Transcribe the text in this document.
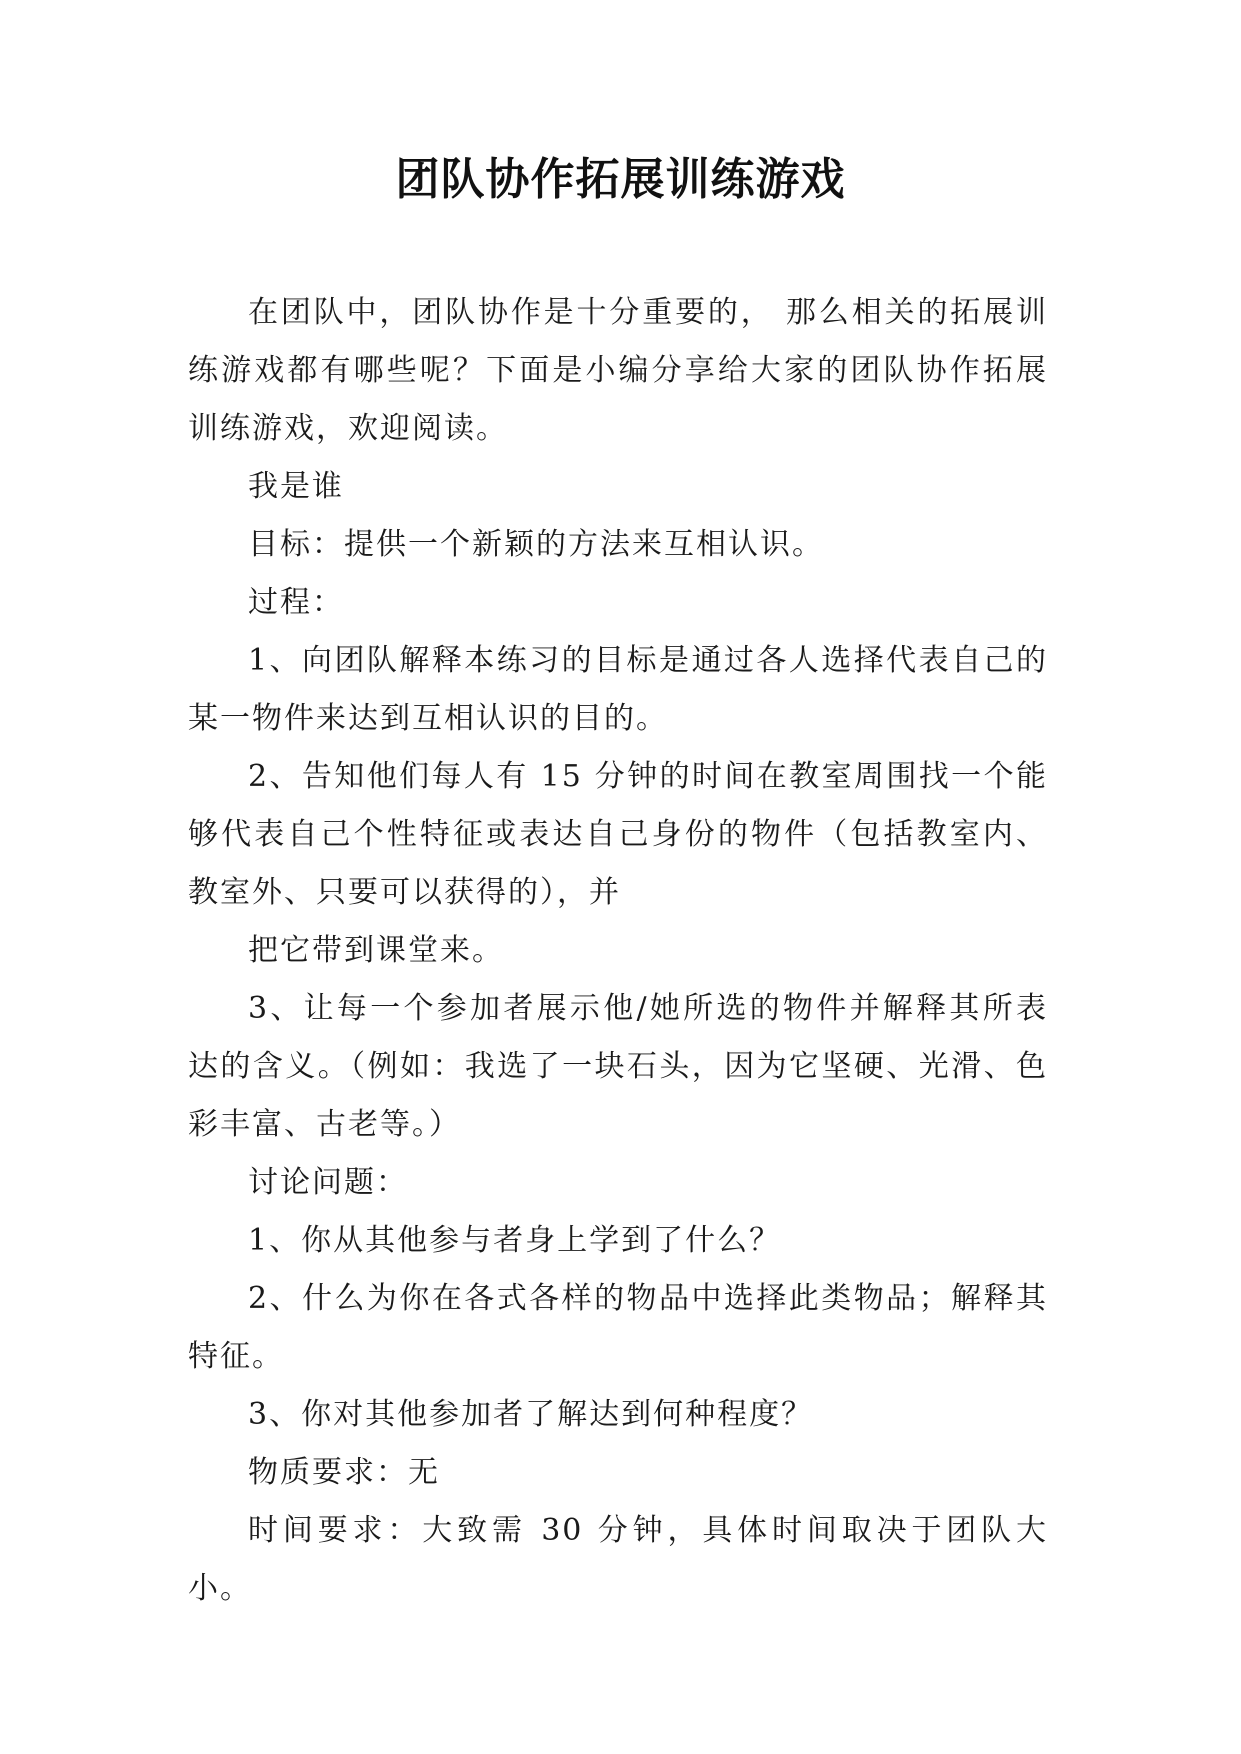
团队协作拓展训练游戏

在团队中，团队协作是十分重要的， 那么相关的拓展训练游戏都有哪些呢？下面是小编分享给大家的团队协作拓展训练游戏，欢迎阅读。

我是谁

目标：提供一个新颖的方法来互相认识。

过程：

1、向团队解释本练习的目标是通过各人选择代表自己的某一物件来达到互相认识的目的。

2、告知他们每人有 15 分钟的时间在教室周围找一个能够代表自己个性特征或表达自己身份的物件（包括教室内、教室外、只要可以获得的），并

把它带到课堂来。

3、让每一个参加者展示他/她所选的物件并解释其所表达的含义。（例如：我选了一块石头，因为它坚硬、光滑、色彩丰富、古老等。）

讨论问题：

1、你从其他参与者身上学到了什么？

2、什么为你在各式各样的物品中选择此类物品；解释其特征。

3、你对其他参加者了解达到何种程度？

物质要求：无

时间要求：大致需 30 分钟，具体时间取决于团队大小。
